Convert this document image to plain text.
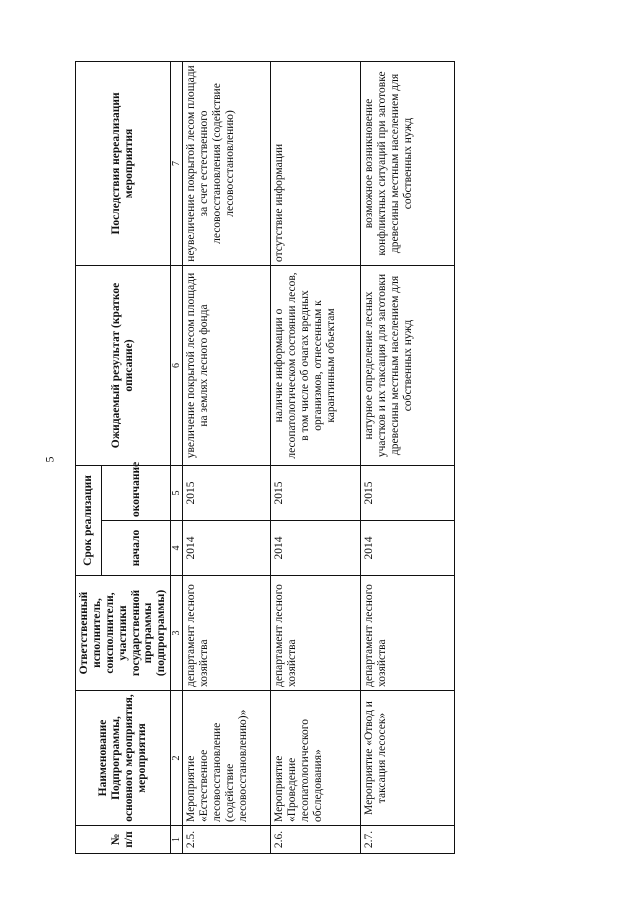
5
№ п/п	Наименование Подпрограммы, основного мероприятия, мероприятия	Ответственный исполнитель, соисполнители, участники государственной программы (подпрограммы)	Срок реализации		Ожидаемый результат (краткое описание)	Последствия нереализации мероприятия
			начало	окончание		
1	2	3	4	5	6	7
2.5.	Мероприятие «Естественное лесовосстановление (содействие лесовосстановлению)»	департамент лесного хозяйства	2014	2015	увеличение покрытой лесом площади на землях лесного фонда	неувеличение покрытой лесом площади за счет естественного лесовосстановления (содействие лесовосстановлению)
2.6.	Мероприятие «Проведение лесопатологического обследования»	департамент лесного хозяйства	2014	2015	наличие информации о лесопатологическом состоянии лесов, в том числе об очагах вредных организмов, отнесенным к карантинным объектам	отсутствие информации
2.7.	Мероприятие «Отвод и таксация лесосек»	департамент лесного хозяйства	2014	2015	натурное определение лесных участков и их таксация для заготовки древесины местным населением для собственных нужд	возможное возникновение конфликтных ситуаций при заготовке древесины местным населением для собственных нужд
